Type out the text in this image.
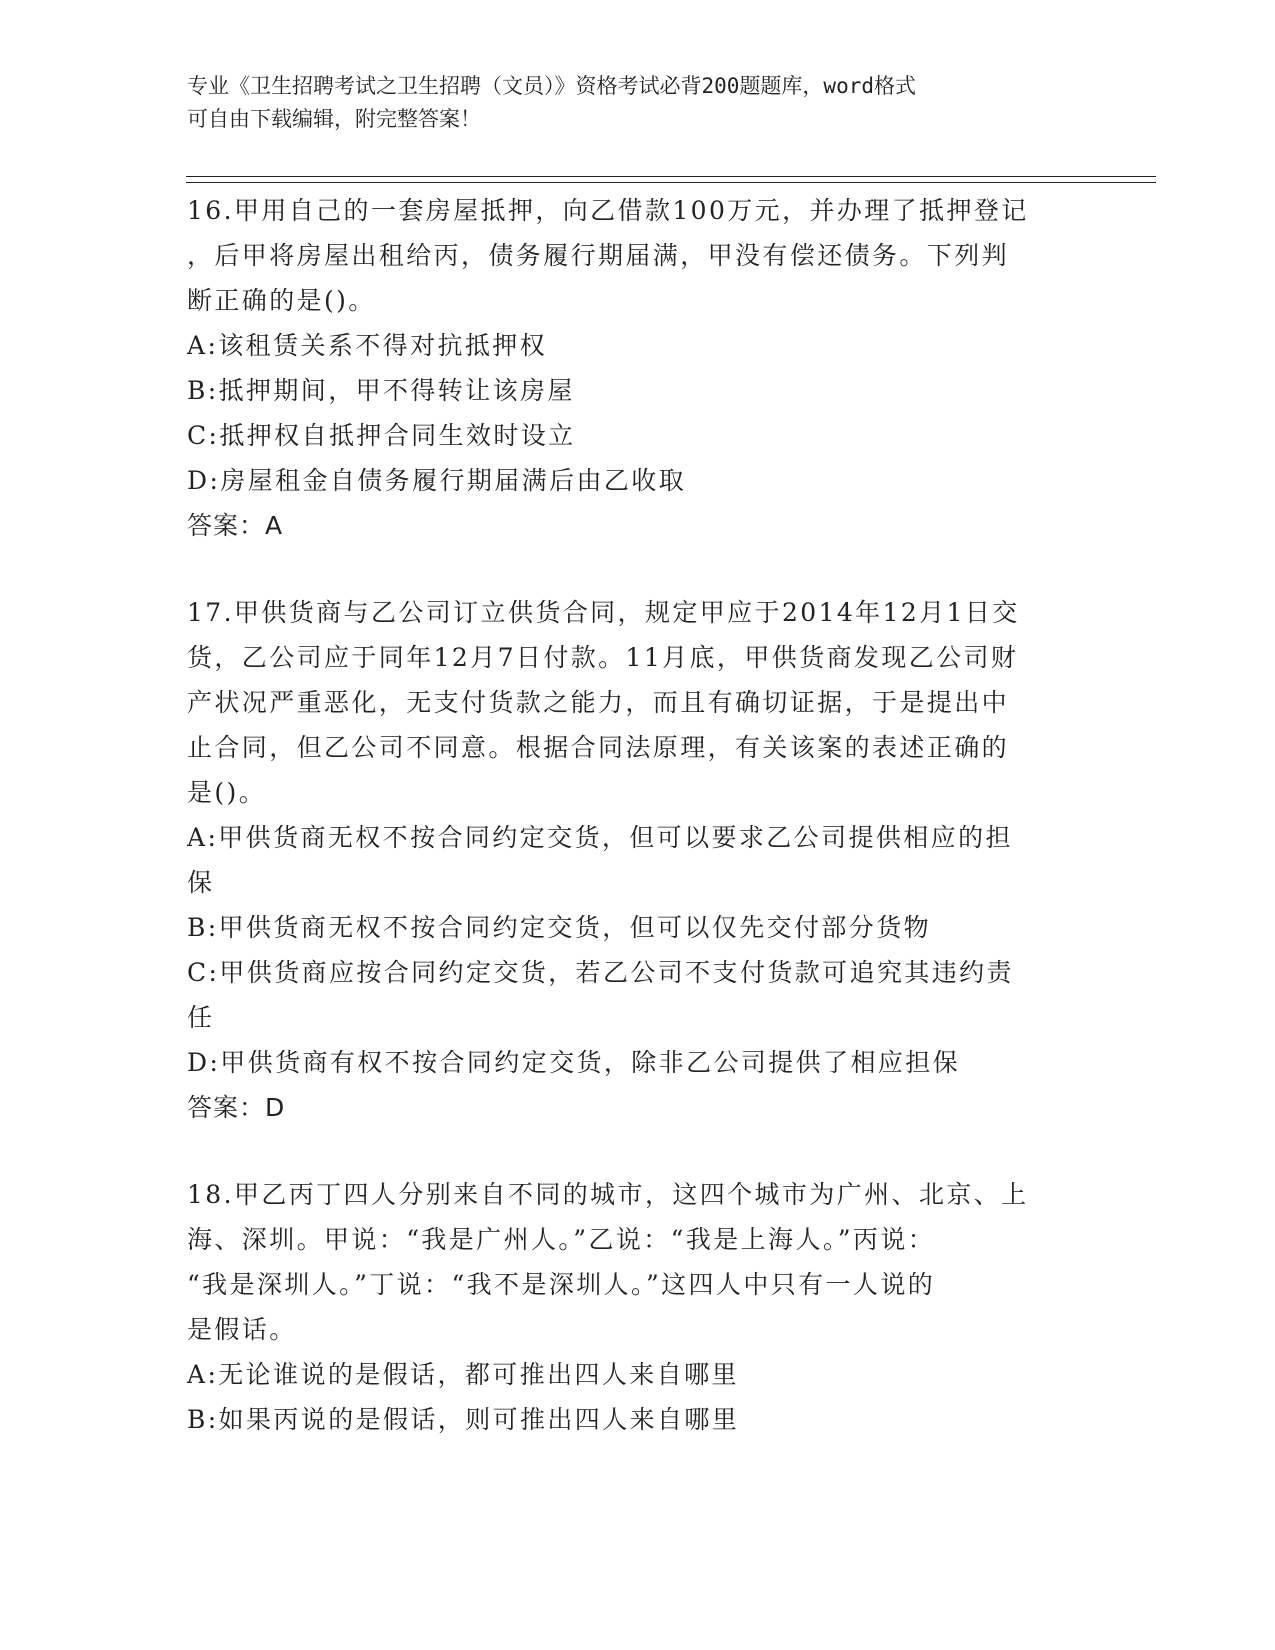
专业《卫生招聘考试之卫生招聘（文员）》资格考试必背200题题库，word格式
可自由下载编辑，附完整答案！
16.甲用自己的一套房屋抵押，向乙借款100万元，并办理了抵押登记
，后甲将房屋出租给丙，债务履行期届满，甲没有偿还债务。下列判
断正确的是()。
A:该租赁关系不得对抗抵押权
B:抵押期间，甲不得转让该房屋
C:抵押权自抵押合同生效时设立
D:房屋租金自债务履行期届满后由乙收取
答案：A
17.甲供货商与乙公司订立供货合同，规定甲应于2014年12月1日交
货，乙公司应于同年12月7日付款。11月底，甲供货商发现乙公司财
产状况严重恶化，无支付货款之能力，而且有确切证据，于是提出中
止合同，但乙公司不同意。根据合同法原理，有关该案的表述正确的
是()。
A:甲供货商无权不按合同约定交货，但可以要求乙公司提供相应的担
保
B:甲供货商无权不按合同约定交货，但可以仅先交付部分货物
C:甲供货商应按合同约定交货，若乙公司不支付货款可追究其违约责
任
D:甲供货商有权不按合同约定交货，除非乙公司提供了相应担保
答案：D
18.甲乙丙丁四人分别来自不同的城市，这四个城市为广州、北京、上
海、深圳。甲说：“我是广州人。”乙说：“我是上海人。”丙说：
“我是深圳人。”丁说：“我不是深圳人。”这四人中只有一人说的
是假话。
A:无论谁说的是假话，都可推出四人来自哪里
B:如果丙说的是假话，则可推出四人来自哪里
